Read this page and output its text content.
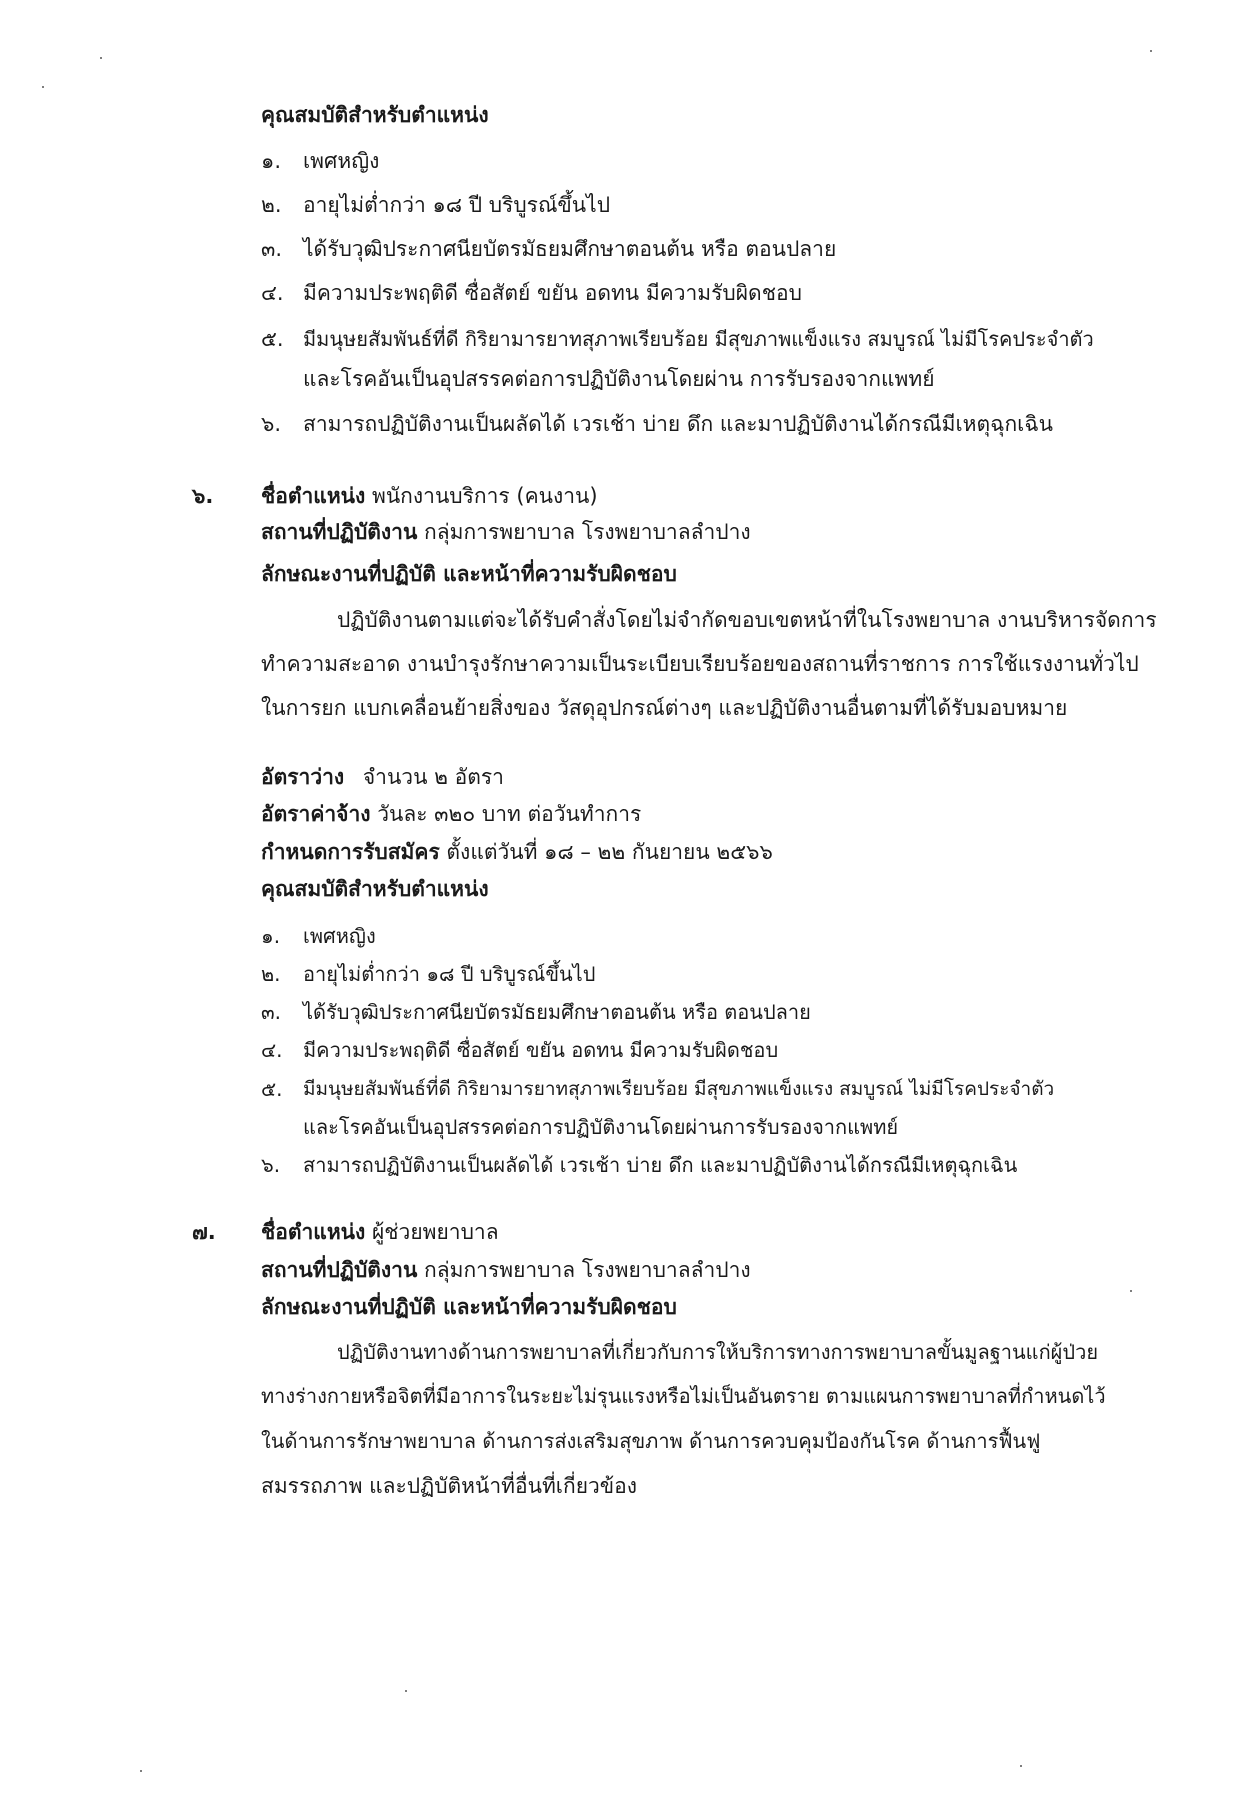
คุณสมบัติสำหรับตำแหน่ง
๑. เพศหญิง
๒. อายุไม่ต่ำกว่า ๑๘ ปี บริบูรณ์ขึ้นไป
๓. ได้รับวุฒิประกาศนียบัตรมัธยมศึกษาตอนต้น หรือ ตอนปลาย
๔. มีความประพฤติดี ซื่อสัตย์ ขยัน อดทน มีความรับผิดชอบ
๕. มีมนุษยสัมพันธ์ที่ดี กิริยามารยาทสุภาพเรียบร้อย มีสุขภาพแข็งแรง สมบูรณ์ ไม่มีโรคประจำตัว
และโรคอันเป็นอุปสรรคต่อการปฏิบัติงานโดยผ่าน การรับรองจากแพทย์
๖. สามารถปฏิบัติงานเป็นผลัดได้ เวรเช้า บ่าย ดึก และมาปฏิบัติงานได้กรณีมีเหตุฉุกเฉิน
๖. ชื่อตำแหน่ง พนักงานบริการ (คนงาน)
สถานที่ปฏิบัติงาน กลุ่มการพยาบาล โรงพยาบาลลำปาง
ลักษณะงานที่ปฏิบัติ และหน้าที่ความรับผิดชอบ
ปฏิบัติงานตามแต่จะได้รับคำสั่งโดยไม่จำกัดขอบเขตหน้าที่ในโรงพยาบาล งานบริหารจัดการ
ทำความสะอาด งานบำรุงรักษาความเป็นระเบียบเรียบร้อยของสถานที่ราชการ การใช้แรงงานทั่วไป
ในการยก แบกเคลื่อนย้ายสิ่งของ วัสดุอุปกรณ์ต่างๆ และปฏิบัติงานอื่นตามที่ได้รับมอบหมาย
อัตราว่าง จำนวน ๒ อัตรา
อัตราค่าจ้าง วันละ ๓๒๐ บาท ต่อวันทำการ
กำหนดการรับสมัคร ตั้งแต่วันที่ ๑๘ – ๒๒ กันยายน ๒๕๖๖
คุณสมบัติสำหรับตำแหน่ง
๑. เพศหญิง
๒. อายุไม่ต่ำกว่า ๑๘ ปี บริบูรณ์ขึ้นไป
๓. ได้รับวุฒิประกาศนียบัตรมัธยมศึกษาตอนต้น หรือ ตอนปลาย
๔. มีความประพฤติดี ซื่อสัตย์ ขยัน อดทน มีความรับผิดชอบ
๕. มีมนุษยสัมพันธ์ที่ดี กิริยามารยาทสุภาพเรียบร้อย มีสุขภาพแข็งแรง สมบูรณ์ ไม่มีโรคประจำตัว
และโรคอันเป็นอุปสรรคต่อการปฏิบัติงานโดยผ่านการรับรองจากแพทย์
๖. สามารถปฏิบัติงานเป็นผลัดได้ เวรเช้า บ่าย ดึก และมาปฏิบัติงานได้กรณีมีเหตุฉุกเฉิน
๗. ชื่อตำแหน่ง ผู้ช่วยพยาบาล
สถานที่ปฏิบัติงาน กลุ่มการพยาบาล โรงพยาบาลลำปาง
ลักษณะงานที่ปฏิบัติ และหน้าที่ความรับผิดชอบ
ปฏิบัติงานทางด้านการพยาบาลที่เกี่ยวกับการให้บริการทางการพยาบาลขั้นมูลฐานแก่ผู้ป่วย
ทางร่างกายหรือจิตที่มีอาการในระยะไม่รุนแรงหรือไม่เป็นอันตราย ตามแผนการพยาบาลที่กำหนดไว้
ในด้านการรักษาพยาบาล ด้านการส่งเสริมสุขภาพ ด้านการควบคุมป้องกันโรค ด้านการฟื้นฟู
สมรรถภาพ และปฏิบัติหน้าที่อื่นที่เกี่ยวข้อง
